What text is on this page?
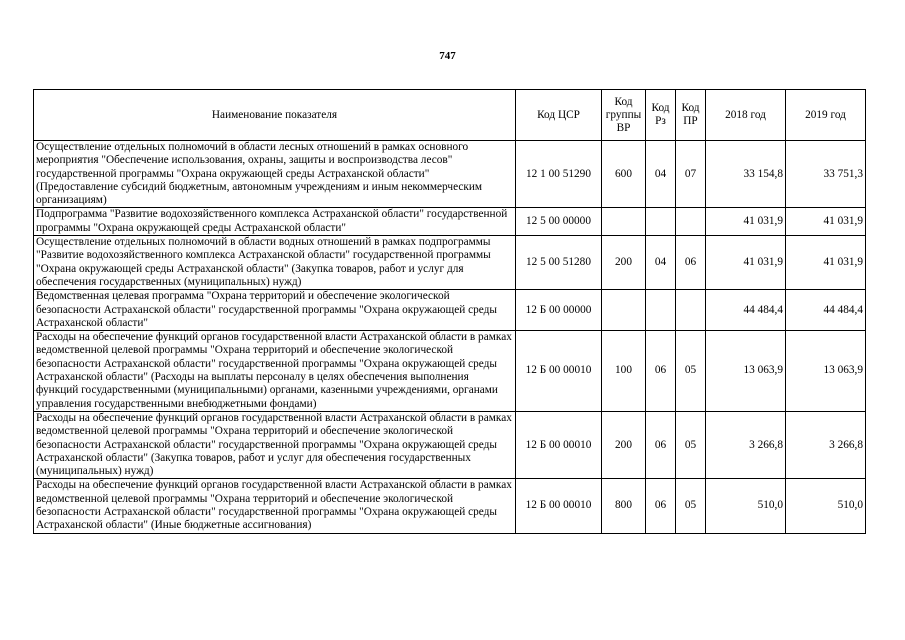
747
Наименование показателя	Код ЦСР	Код группы ВР	Код Рз	Код ПР	2018 год	2019 год
Осуществление отдельных полномочий в области лесных отношений в рамках основного мероприятия "Обеспечение использования, охраны, защиты и воспроизводства лесов" государственной программы "Охрана окружающей среды Астраханской области" (Предоставление субсидий бюджетным, автономным учреждениям и иным некоммерческим организациям)	12 1 00 51290	600	04	07	33 154,8	33 751,3
Подпрограмма "Развитие водохозяйственного комплекса Астраханской области" государственной программы "Охрана окружающей среды Астраханской области"	12 5 00 00000				41 031,9	41 031,9
Осуществление отдельных полномочий в области водных отношений в рамках подпрограммы "Развитие водохозяйственного комплекса Астраханской области" государственной программы "Охрана окружающей среды Астраханской области" (Закупка товаров, работ и услуг для обеспечения государственных (муниципальных) нужд)	12 5 00 51280	200	04	06	41 031,9	41 031,9
Ведомственная целевая программа "Охрана территорий и обеспечение экологической безопасности Астраханской области" государственной программы "Охрана окружающей среды Астраханской области"	12 Б 00 00000				44 484,4	44 484,4
Расходы на обеспечение функций органов государственной власти Астраханской области в рамках ведомственной целевой программы "Охрана территорий и обеспечение экологической безопасности Астраханской области" государственной программы "Охрана окружающей среды Астраханской области" (Расходы на выплаты персоналу в целях обеспечения выполнения функций государственными (муниципальными) органами, казенными учреждениями, органами управления государственными внебюджетными фондами)	12 Б 00 00010	100	06	05	13 063,9	13 063,9
Расходы на обеспечение функций органов государственной власти Астраханской области в рамках ведомственной целевой программы "Охрана территорий и обеспечение экологической безопасности Астраханской области" государственной программы "Охрана окружающей среды Астраханской области" (Закупка товаров, работ и услуг для обеспечения государственных (муниципальных) нужд)	12 Б 00 00010	200	06	05	3 266,8	3 266,8
Расходы на обеспечение функций органов государственной власти Астраханской области в рамках ведомственной целевой программы "Охрана территорий и обеспечение экологической безопасности Астраханской области" государственной программы "Охрана окружающей среды Астраханской области" (Иные бюджетные ассигнования)	12 Б 00 00010	800	06	05	510,0	510,0
